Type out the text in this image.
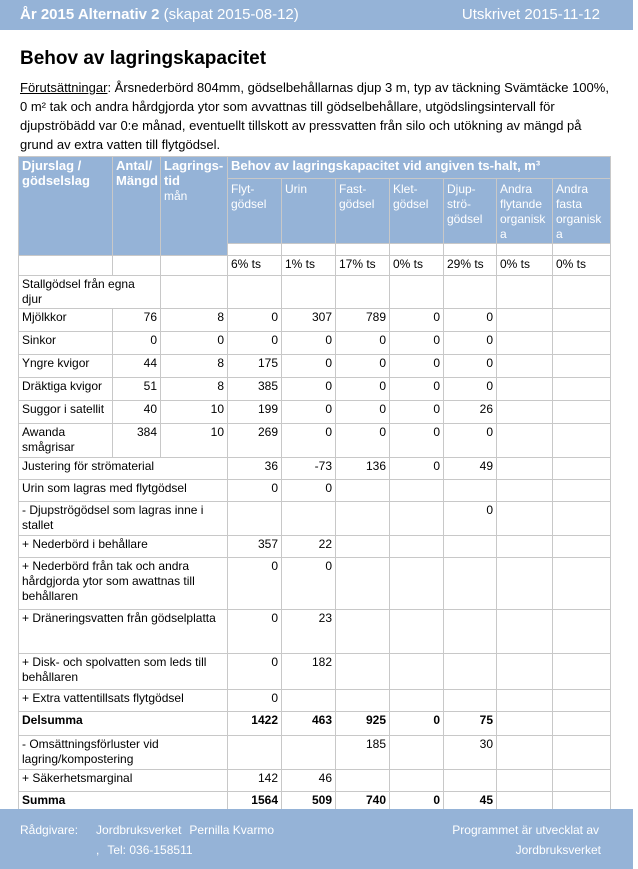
År 2015 Alternativ 2 (skapat 2015-08-12)	Utskrivet 2015-11-12
Behov av lagringskapacitet
Förutsättningar: Årsnederbörd 804mm, gödselbehållarnas djup 3 m, typ av täckning Svämtäcke 100%, 0 m² tak och andra hårdgjorda ytor som avvattnas till gödselbehållare, utgödslingsintervall för djupströbädd var 0:e månad, eventuellt tillskott av pressvatten från silo och utökning av mängd på grund av extra vatten till flytgödsel.
Djurslag / gödselslag	Antal/ Mängd	Lagrings-tid
mån	Behov av lagringskapacitet vid angiven ts-halt, m³						
			Flyt-gödsel	Urin	Fast-gödsel	Klet-gödsel	Djup-strö-gödsel	Andra flytande organisk a	Andra fasta organisk a

			6% ts	1% ts	17% ts	0% ts	29% ts	0% ts	0% ts
Stallgödsel från egna djur									
Mjölkkor	76	8	0	307	789	0	0		
Sinkor	0	0	0	0	0	0	0		
Yngre kvigor	44	8	175	0	0	0	0		
Dräktiga kvigor	51	8	385	0	0	0	0		
Suggor i satellit	40	10	199	0	0	0	26		
Awanda smågrisar	384	10	269	0	0	0	0		
Justering för strömaterial			36	-73	136	0	49		
Urin som lagras med flytgödsel			0	0					
- Djupströgödsel som lagras inne i stallet							0		
+ Nederbörd i behållare			357	22					
+ Nederbörd från tak och andra hårdgjorda ytor som awattnas till behållaren			0	0					
+ Dräneringsvatten från gödselplatta			0	23					
+ Disk- och spolvatten som leds till behållaren			0	182					
+ Extra vattentillsats flytgödsel			0						
Delsumma			1422	463	925	0	75		
- Omsättningsförluster vid lagring/kompostering					185		30		
+ Säkerhetsmarginal			142	46					
Summa			1564	509	740	0	45		
Rådgivare: Jordbruksverket Pernilla Kvarmo
, Tel: 036-158511
Programmet är utvecklat av
Jordbruksverket
